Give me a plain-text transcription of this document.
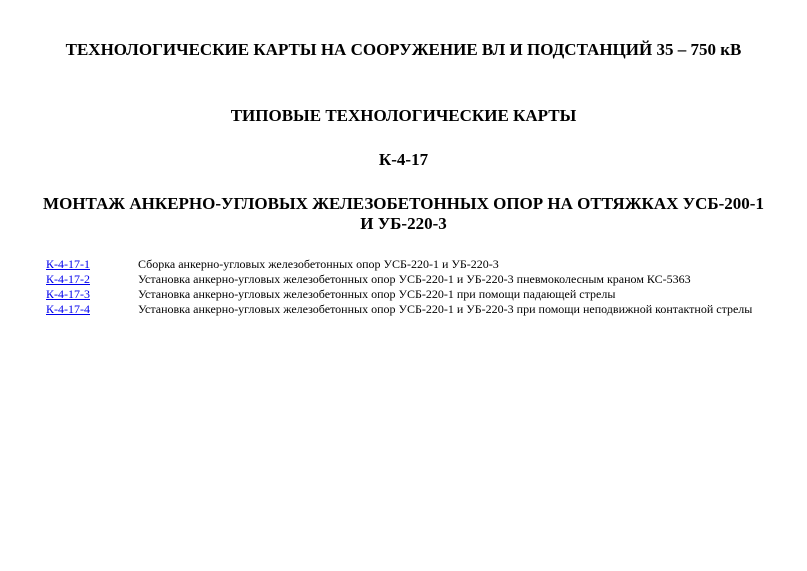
ТЕХНОЛОГИЧЕСКИЕ КАРТЫ НА СООРУЖЕНИЕ ВЛ И ПОДСТАНЦИЙ 35 – 750 кВ
ТИПОВЫЕ ТЕХНОЛОГИЧЕСКИЕ КАРТЫ
К-4-17
МОНТАЖ АНКЕРНО-УГЛОВЫХ ЖЕЛЕЗОБЕТОННЫХ ОПОР НА ОТТЯЖКАХ УСБ-200-1 И УБ-220-3
К-4-17-1	Сборка анкерно-угловых железобетонных опор УСБ-220-1 и УБ-220-3
К-4-17-2	Установка анкерно-угловых железобетонных опор УСБ-220-1 и УБ-220-3 пневмоколесным краном КС-5363
К-4-17-3	Установка анкерно-угловых железобетонных опор УСБ-220-1 при помощи падающей стрелы
К-4-17-4	Установка анкерно-угловых железобетонных опор УСБ-220-1 и УБ-220-3 при помощи неподвижной контактной стрелы
